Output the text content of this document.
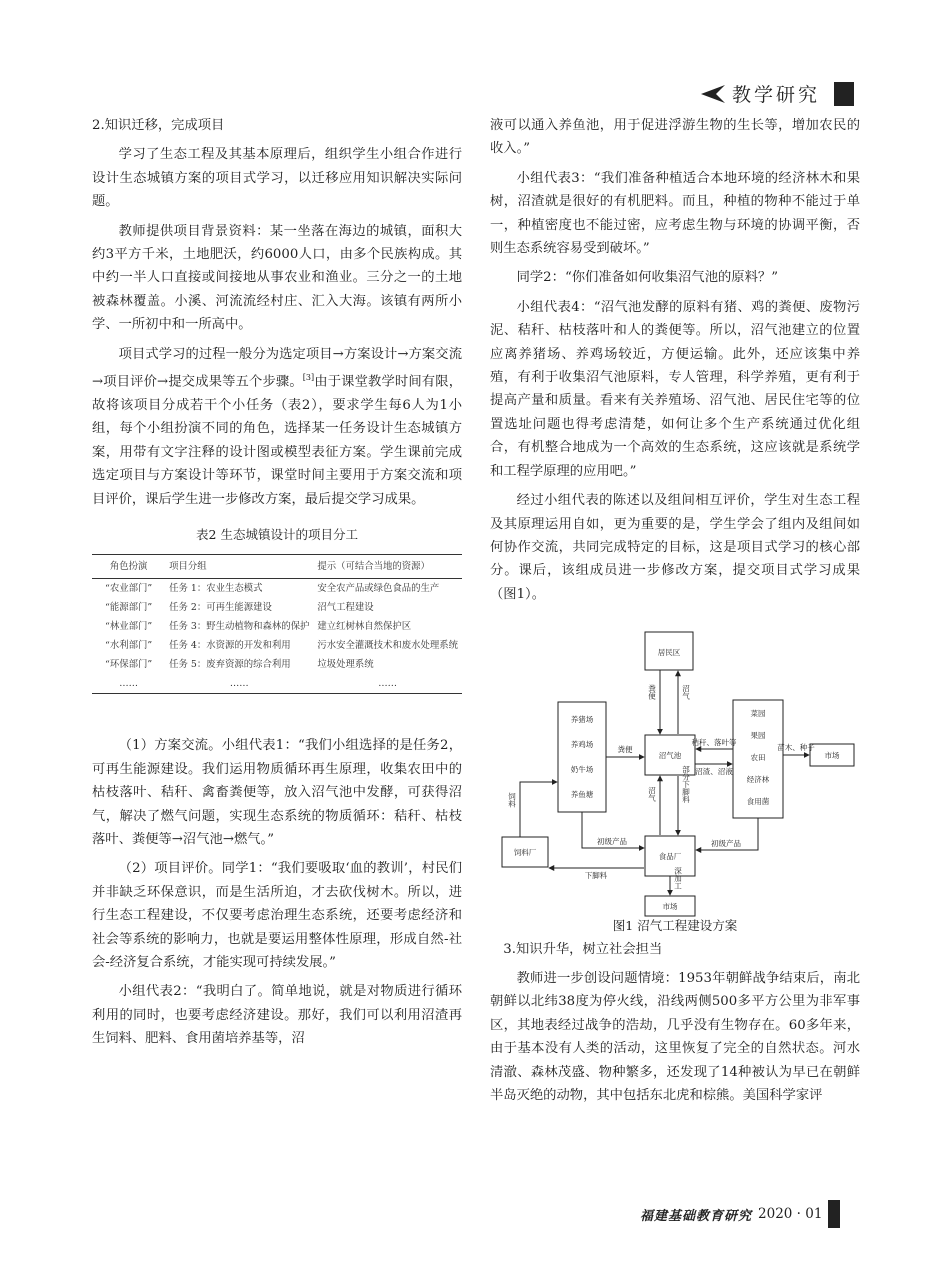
教学研究

2.知识迁移，完成项目

学习了生态工程及其基本原理后，组织学生小组合作进行设计生态城镇方案的项目式学习，以迁移应用知识解决实际问题。

教师提供项目背景资料：某一坐落在海边的城镇，面积大约3平方千米，土地肥沃，约6000人口，由多个民族构成。其中约一半人口直接或间接地从事农业和渔业。三分之一的土地被森林覆盖。小溪、河流流经村庄、汇入大海。该镇有两所小学、一所初中和一所高中。

项目式学习的过程一般分为选定项目→方案设计→方案交流→项目评价→提交成果等五个步骤。[3]由于课堂教学时间有限，故将该项目分成若干个小任务（表2），要求学生每6人为1小组，每个小组扮演不同的角色，选择某一任务设计生态城镇方案，用带有文字注释的设计图或模型表征方案。学生课前完成选定项目与方案设计等环节，课堂时间主要用于方案交流和项目评价，课后学生进一步修改方案，最后提交学习成果。

表2 生态城镇设计的项目分工
角色扮演	项目分组	提示（可结合当地的资源）
“农业部门”	任务 1：农业生态模式	安全农产品或绿色食品的生产
“能源部门”	任务 2：可再生能源建设	沼气工程建设
“林业部门”	任务 3：野生动植物和森林的保护	建立红树林自然保护区
“水利部门”	任务 4：水资源的开发和利用	污水安全灌溉技术和废水处理系统
“环保部门”	任务 5：废弃资源的综合利用	垃圾处理系统
……	……	……

（1）方案交流。小组代表1：“我们小组选择的是任务2，可再生能源建设。我们运用物质循环再生原理，收集农田中的枯枝落叶、秸秆、禽畜粪便等，放入沼气池中发酵，可获得沼气，解决了燃气问题，实现生态系统的物质循环：秸秆、枯枝落叶、粪便等→沼气池→燃气。”

（2）项目评价。同学1：“我们要吸取‘血的教训’，村民们并非缺乏环保意识，而是生活所迫，才去砍伐树木。所以，进行生态工程建设，不仅要考虑治理生态系统，还要考虑经济和社会等系统的影响力，也就是要运用整体性原理，形成自然-社会-经济复合系统，才能实现可持续发展。”

小组代表2：“我明白了。简单地说，就是对物质进行循环利用的同时，也要考虑经济建设。那好，我们可以利用沼渣再生饲料、肥料、食用菌培养基等，沼

液可以通入养鱼池，用于促进浮游生物的生长等，增加农民的收入。”

小组代表3：“我们准备种植适合本地环境的经济林木和果树，沼渣就是很好的有机肥料。而且，种植的物种不能过于单一，种植密度也不能过密，应考虑生物与环境的协调平衡，否则生态系统容易受到破坏。”

同学2：“你们准备如何收集沼气池的原料？”

小组代表4：“沼气池发酵的原料有猪、鸡的粪便、废物污泥、秸秆、枯枝落叶和人的粪便等。所以，沼气池建立的位置应离养猪场、养鸡场较近，方便运输。此外，还应该集中养殖，有利于收集沼气池原料，专人管理，科学养殖，更有利于提高产量和质量。看来有关养殖场、沼气池、居民住宅等的位置选址问题也得考虑清楚，如何让多个生产系统通过优化组合，有机整合地成为一个高效的生态系统，这应该就是系统学和工程学原理的应用吧。”

经过小组代表的陈述以及组间相互评价，学生对生态工程及其原理运用自如，更为重要的是，学生学会了组内及组间如何协作交流，共同完成特定的目标，这是项目式学习的核心部分。课后，该组成员进一步修改方案，提交项目式学习成果（图1）。

居民区
养猪场
养鸡场
奶牛场
养鱼塘
沼气池
菜园
果园
农田
经济林
食用菌
市场
饲料厂	食品厂
市场
粪便
秸秆、落叶等
沼渣、沼液
苗木、种子
初级产品	初级产品
下脚料
粪便	沼气
饲料	沼气	部分下脚料
深加工
图1 沼气工程建设方案

3.知识升华，树立社会担当

教师进一步创设问题情境：1953年朝鲜战争结束后，南北朝鲜以北纬38度为停火线，沿线两侧500多平方公里为非军事区，其地表经过战争的浩劫，几乎没有生物存在。60多年来，由于基本没有人类的活动，这里恢复了完全的自然状态。河水清澈、森林茂盛、物种繁多，还发现了14种被认为早已在朝鲜半岛灭绝的动物，其中包括东北虎和棕熊。美国科学家评

福建基础教育研究 2020 · 01
